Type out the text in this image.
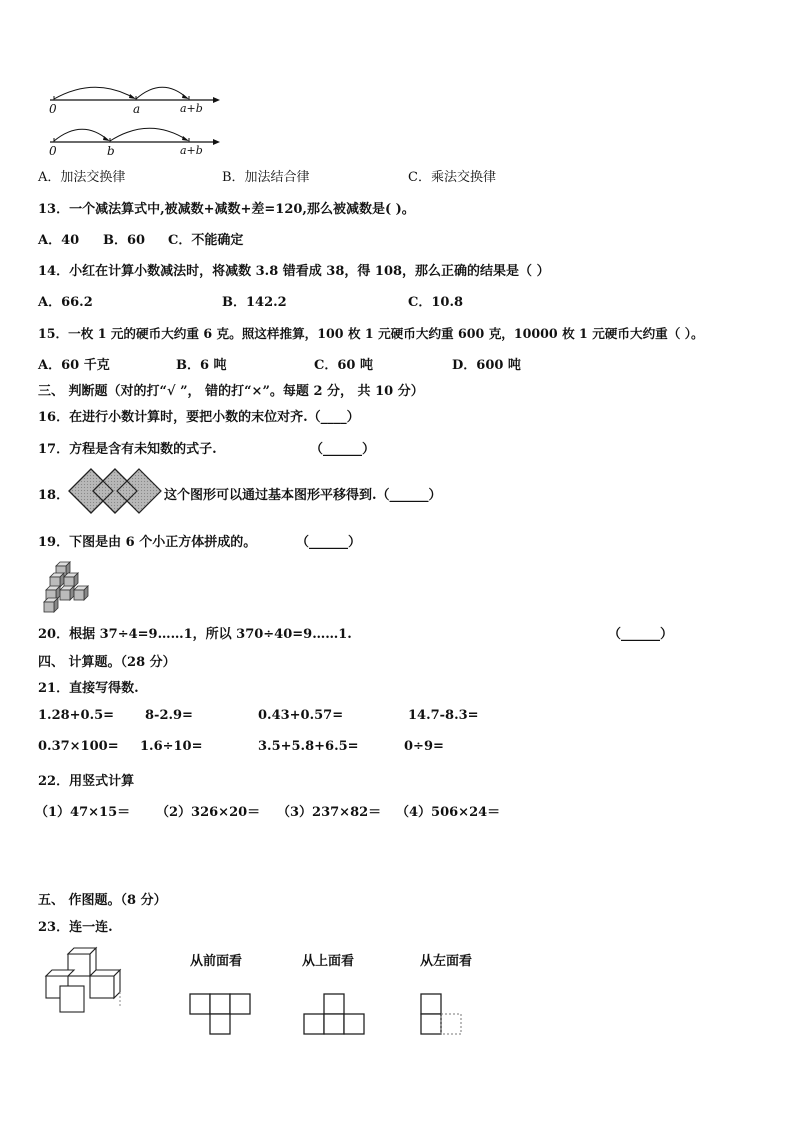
0	a	a+b
0	b	a+b
A．加法交换律	B．加法结合律	C．乘法交换律
13．一个减法算式中,被减数+减数+差=120,那么被减数是( )。
A．40 B．60 C．不能确定
14．小红在计算小数减法时，将减数 3.8 错看成 38，得 108，那么正确的结果是（ ）
A．66.2	B．142.2	C．10.8
15．一枚 1 元的硬币大约重 6 克。照这样推算，100 枚 1 元硬币大约重 600 克，10000 枚 1 元硬币大约重（ ）。
A．60 千克	B．6 吨	C．60 吨	D．600 吨
三、 判断题（对的打“√ ”， 错的打“×”。每题 2 分， 共 10 分）
16．在进行小数计算时，要把小数的末位对齐.（____）
17．方程是含有未知数的式子.	（______）
18．	这个图形可以通过基本图形平移得到.（______）
19．下图是由 6 个小正方体拼成的。	（______）
20．根据 37÷4=9……1，所以 370÷40=9……1.	（______）
四、 计算题。（28 分）
21．直接写得数.
1.28+0.5= 8-2.9=	0.43+0.57=	14.7-8.3=
0.37×100= 1.6÷10=	3.5+5.8+6.5=	0÷9=
22．用竖式计算
（1）47×15＝ （2）326×20＝ （3）237×82＝ （4）506×24＝
五、 作图题。（8 分）
23．连一连.
从前面看	从上面看	从左面看
